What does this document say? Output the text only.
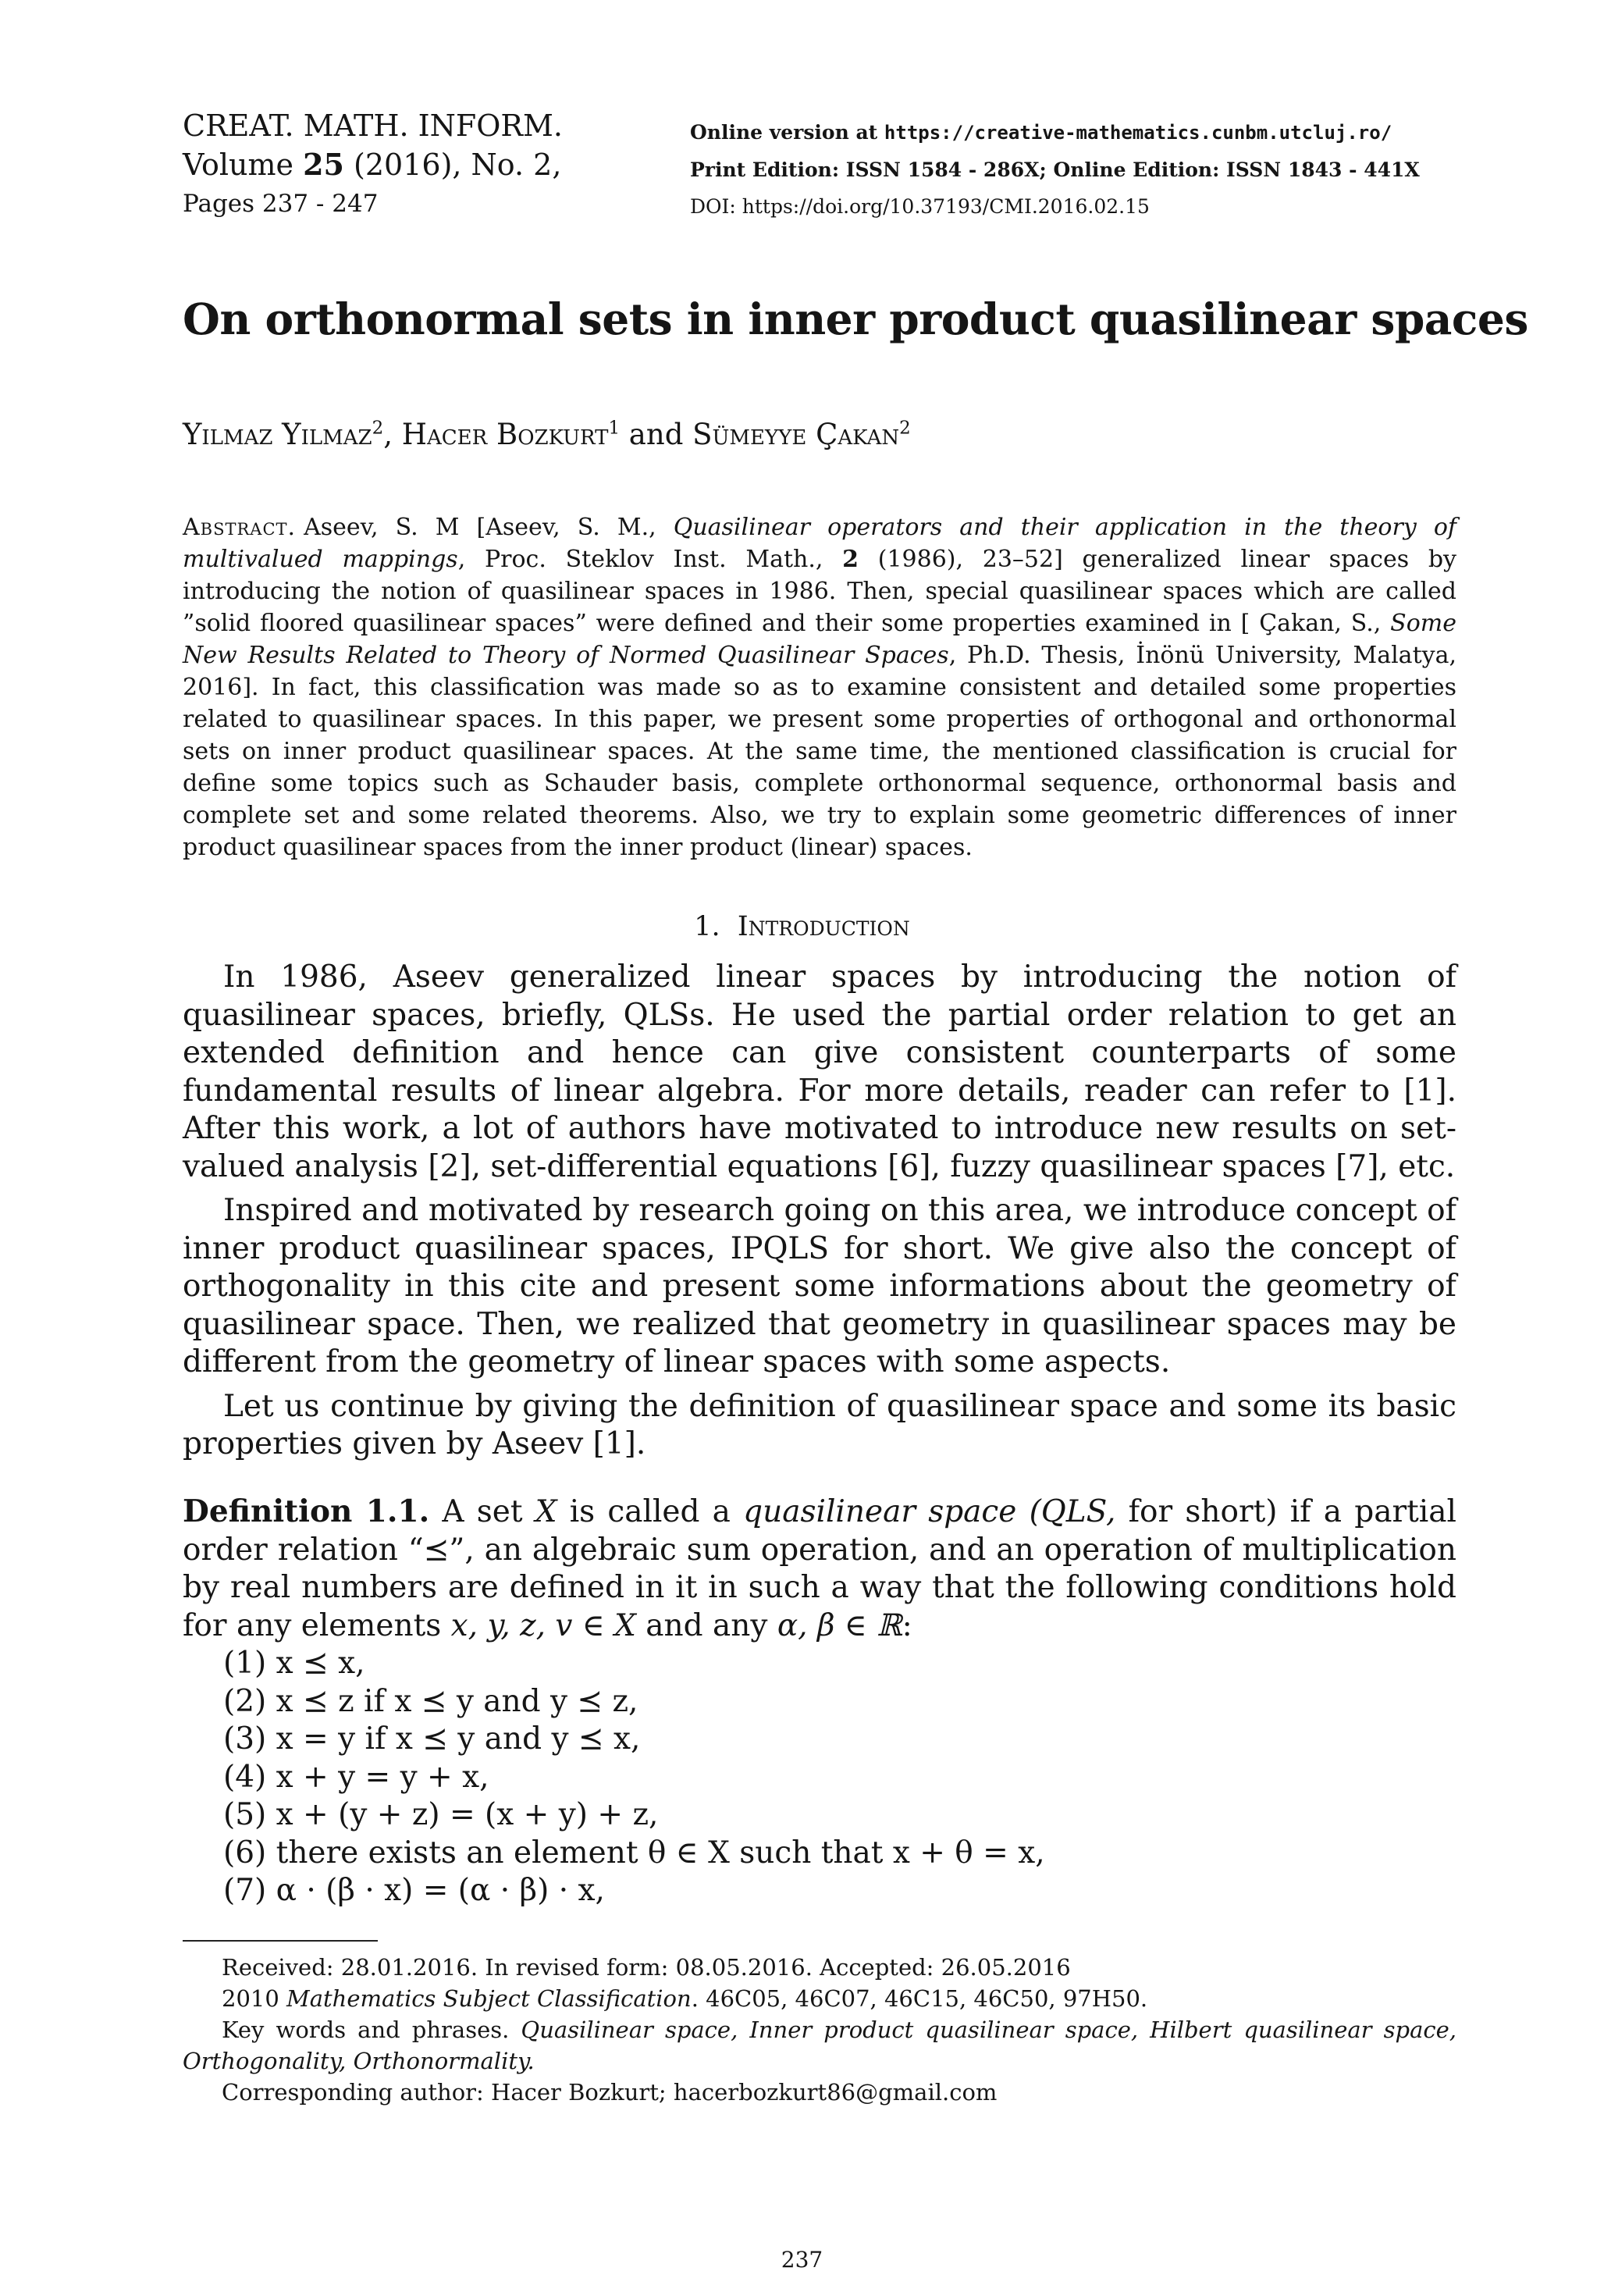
CREAT. MATH. INFORM.
Volume 25 (2016), No. 2,
Pages 237 - 247
Online version at https://creative-mathematics.cunbm.utcluj.ro/
Print Edition: ISSN 1584 - 286X; Online Edition: ISSN 1843 - 441X
DOI: https://doi.org/10.37193/CMI.2016.02.15
On orthonormal sets in inner product quasilinear spaces
Yilmaz Yilmaz$^2$, Hacer Bozkurt$^1$ and Sümeyye Çakan$^2$
Abstract. Aseev, S. M [Aseev, S. M., Quasilinear operators and their application in the theory of multivalued mappings, Proc. Steklov Inst. Math., 2 (1986), 23–52] generalized linear spaces by introducing the notion of quasilinear spaces in 1986. Then, special quasilinear spaces which are called ”solid floored quasilinear spaces” were defined and their some properties examined in [ Çakan, S., Some New Results Related to Theory of Normed Quasilinear Spaces, Ph.D. Thesis, İnönü University, Malatya, 2016]. In fact, this classification was made so as to examine consistent and detailed some properties related to quasilinear spaces. In this paper, we present some properties of orthogonal and orthonormal sets on inner product quasilinear spaces. At the same time, the mentioned classification is crucial for define some topics such as Schauder basis, complete orthonormal sequence, orthonormal basis and complete set and some related theorems. Also, we try to explain some geometric differences of inner product quasilinear spaces from the inner product (linear) spaces.
1. Introduction

In 1986, Aseev generalized linear spaces by introducing the notion of quasilinear spaces, briefly, QLSs. He used the partial order relation to get an extended definition and hence can give consistent counterparts of some fundamental results of linear algebra. For more details, reader can refer to [1]. After this work, a lot of authors have motivated to introduce new results on set-valued analysis [2], set-differential equations [6], fuzzy quasilinear spaces [7], etc.

Inspired and motivated by research going on this area, we introduce concept of inner product quasilinear spaces, IPQLS for short. We give also the concept of orthogonality in this cite and present some informations about the geometry of quasilinear space. Then, we realized that geometry in quasilinear spaces may be different from the geometry of linear spaces with some aspects.

Let us continue by giving the definition of quasilinear space and some its basic properties given by Aseev [1].

Definition 1.1. A set X is called a quasilinear space (QLS, for short) if a partial order relation “⪯”, an algebraic sum operation, and an operation of multiplication by real numbers are defined in it in such a way that the following conditions hold for any elements x, y, z, v ∈ X and any α, β ∈ ℝ:

(1) x ⪯ x,
(2) x ⪯ z if x ⪯ y and y ⪯ z,
(3) x = y if x ⪯ y and y ⪯ x,
(4) x + y = y + x,
(5) x + (y + z) = (x + y) + z,
(6) there exists an element θ ∈ X such that x + θ = x,
(7) α · (β · x) = (α · β) · x,

Received: 28.01.2016. In revised form: 08.05.2016. Accepted: 26.05.2016

2010 Mathematics Subject Classification. 46C05, 46C07, 46C15, 46C50, 97H50.

Key words and phrases. Quasilinear space, Inner product quasilinear space, Hilbert quasilinear space, Orthogonality, Orthonormality.

Corresponding author: Hacer Bozkurt; hacerbozkurt86@gmail.com

237
